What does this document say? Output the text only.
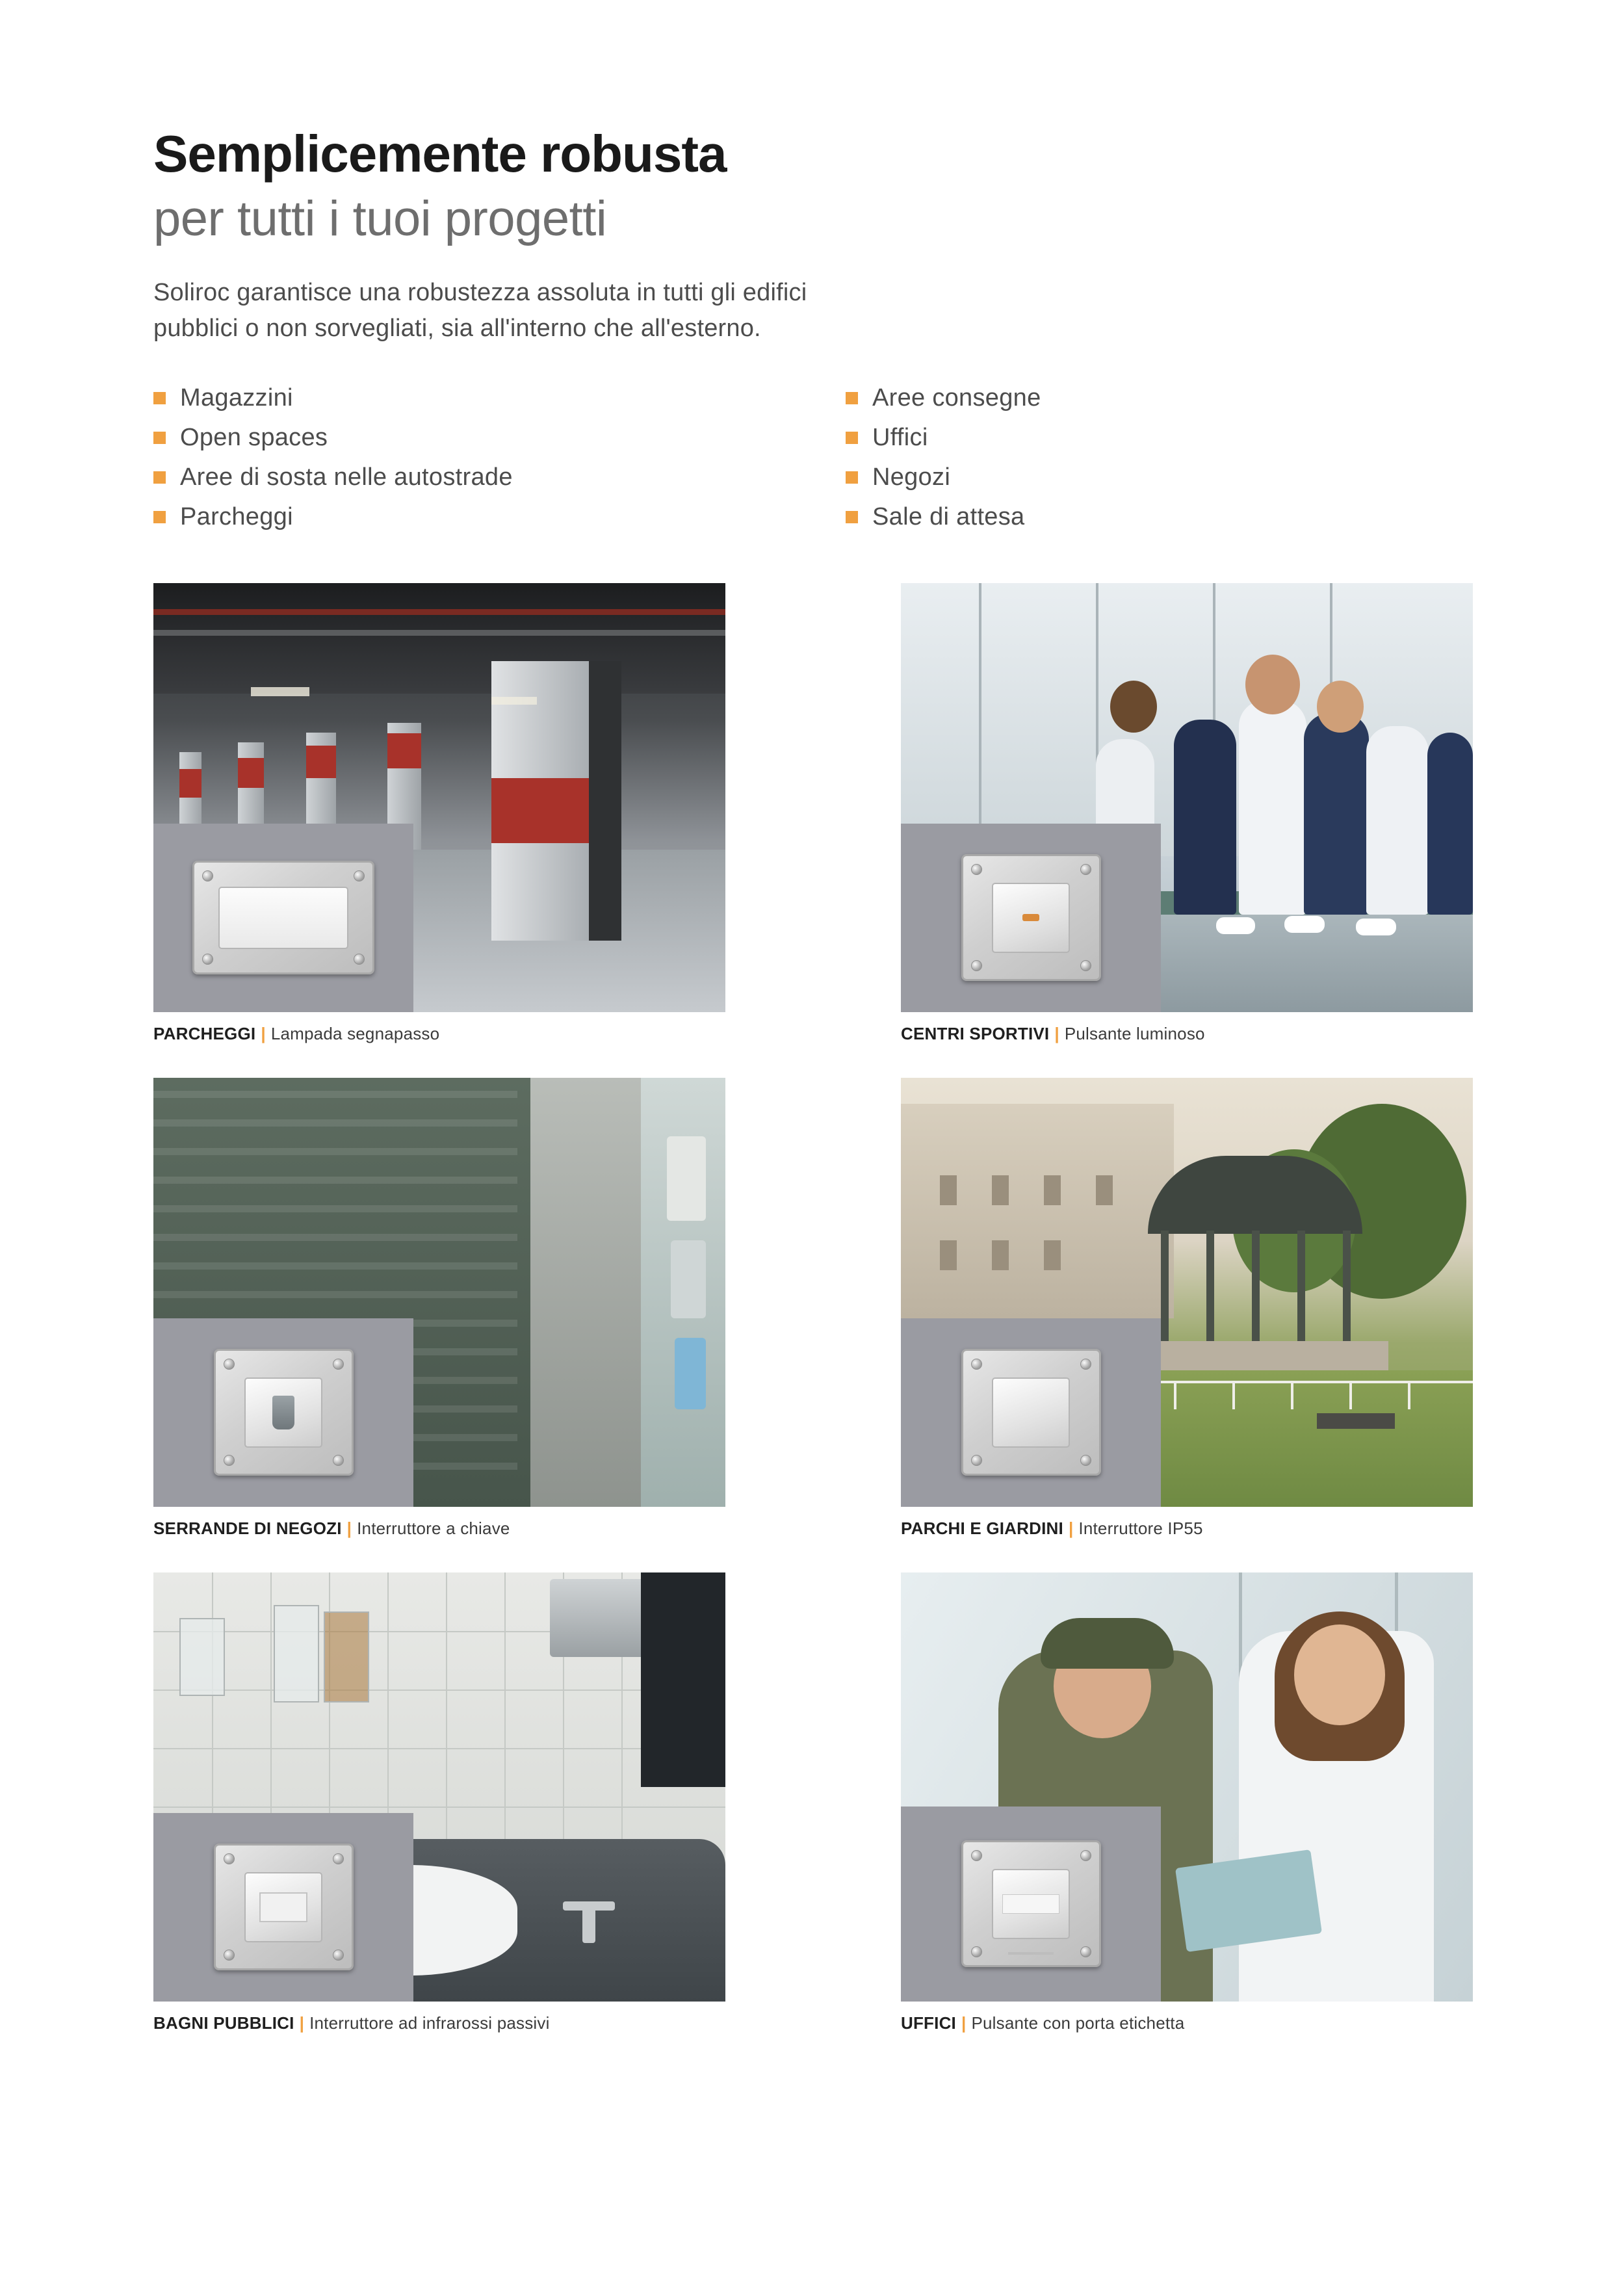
Semplicemente robusta
per tutti i tuoi progetti

Soliroc garantisce una robustezza assoluta in tutti gli edifici pubblici o non sorvegliati, sia all'interno che all'esterno.

Magazzini
Open spaces
Aree di sosta nelle autostrade
Parcheggi
Aree consegne
Uffici
Negozi
Sale di attesa
PARCHEGGI | Lampada segnapasso	CENTRI SPORTIVI | Pulsante luminoso
SERRANDE DI NEGOZI | Interruttore a chiave	PARCHI E GIARDINI | Interruttore IP55
BAGNI PUBBLICI | Interruttore ad infrarossi passivi	UFFICI | Pulsante con porta etichetta
